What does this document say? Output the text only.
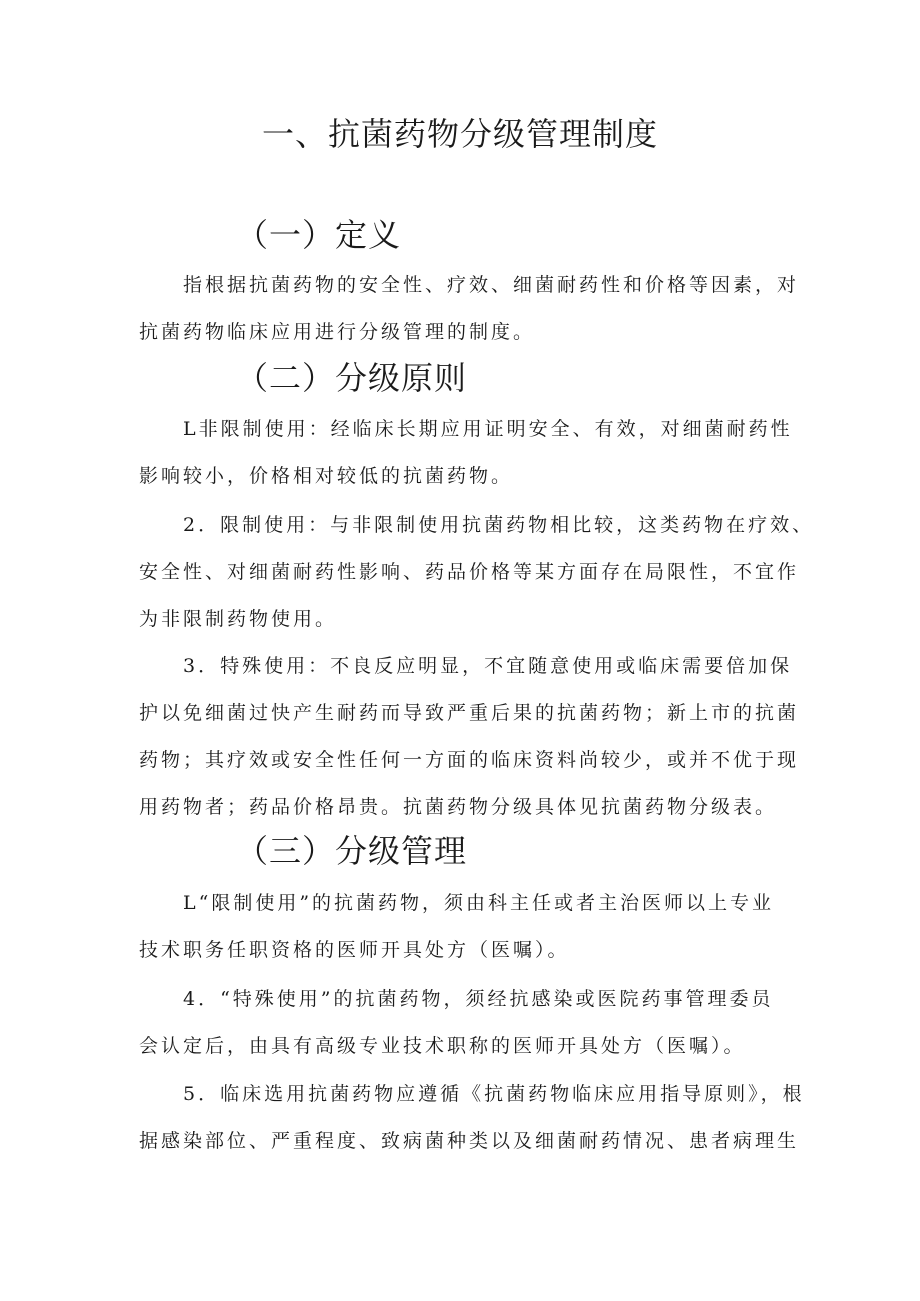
一、抗菌药物分级管理制度
（一）定义

指根据抗菌药物的安全性、疗效、细菌耐药性和价格等因素，对
抗菌药物临床应用进行分级管理的制度。

（二）分级原则

L非限制使用：经临床长期应用证明安全、有效，对细菌耐药性
影响较小，价格相对较低的抗菌药物。

2．限制使用：与非限制使用抗菌药物相比较，这类药物在疗效、
安全性、对细菌耐药性影响、药品价格等某方面存在局限性，不宜作
为非限制药物使用。

3．特殊使用：不良反应明显，不宜随意使用或临床需要倍加保
护以免细菌过快产生耐药而导致严重后果的抗菌药物；新上市的抗菌
药物；其疗效或安全性任何一方面的临床资料尚较少，或并不优于现
用药物者；药品价格昂贵。抗菌药物分级具体见抗菌药物分级表。

（三）分级管理

L“限制使用”的抗菌药物，须由科主任或者主治医师以上专业
技术职务任职资格的医师开具处方（医嘱）。

4．“特殊使用”的抗菌药物，须经抗感染或医院药事管理委员
会认定后，由具有高级专业技术职称的医师开具处方（医嘱）。

5．临床选用抗菌药物应遵循《抗菌药物临床应用指导原则》，根
据感染部位、严重程度、致病菌种类以及细菌耐药情况、患者病理生
